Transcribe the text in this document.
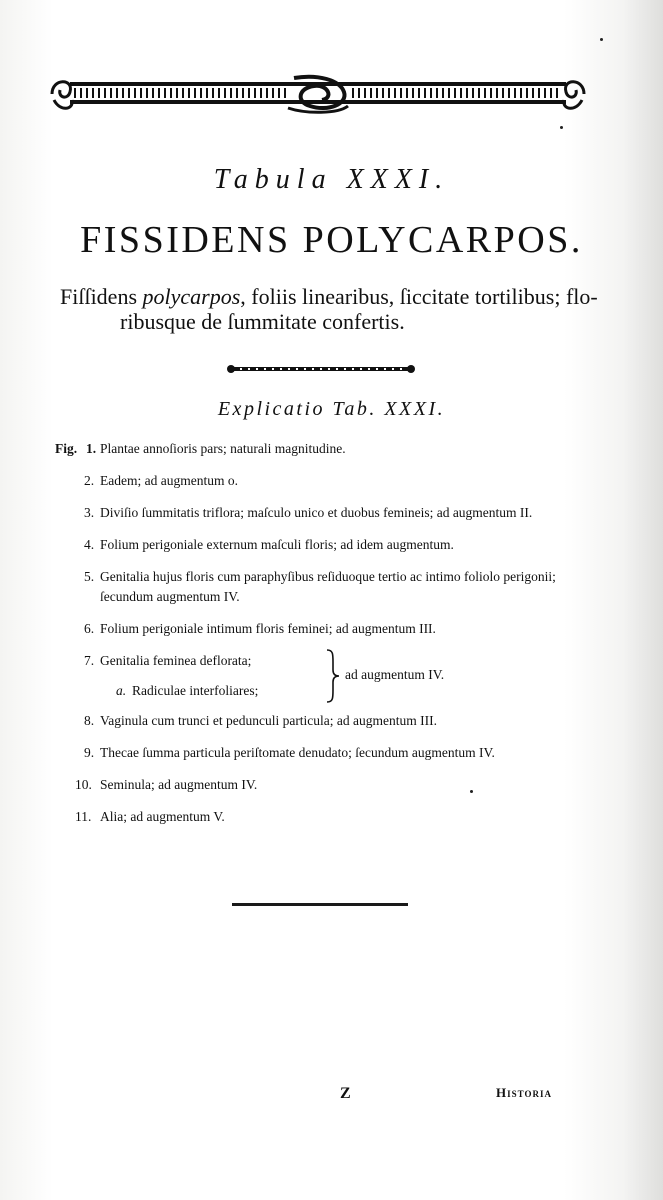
Tabula XXXI.
FISSIDENS POLYCARPOS.
Fiſſidens polycarpos, foliis linearibus, ſiccitate tortilibus; flo-
ribusque de ſummitate confertis.
Explicatio Tab. XXXI.
Fig. 1. Plantae annoſioris pars; naturali magnitudine.
2. Eadem; ad augmentum o.
3. Diviſio ſummitatis triflora; maſculo unico et duobus femineis; ad augmentum II.
4. Folium perigoniale externum maſculi floris; ad idem augmentum.
5. Genitalia hujus floris cum paraphyſibus reſiduoque tertio ac intimo foliolo perigonii;
ſecundum augmentum IV.
6. Folium perigoniale intimum floris feminei; ad augmentum III.
7. Genitalia feminea deflorata;
a. Radiculae interfoliares;
ad augmentum IV.
8. Vaginula cum trunci et pedunculi particula; ad augmentum III.
9. Thecae ſumma particula periſtomate denudato; ſecundum augmentum IV.
10. Seminula; ad augmentum IV.
11. Alia; ad augmentum V.
Z	Historia
